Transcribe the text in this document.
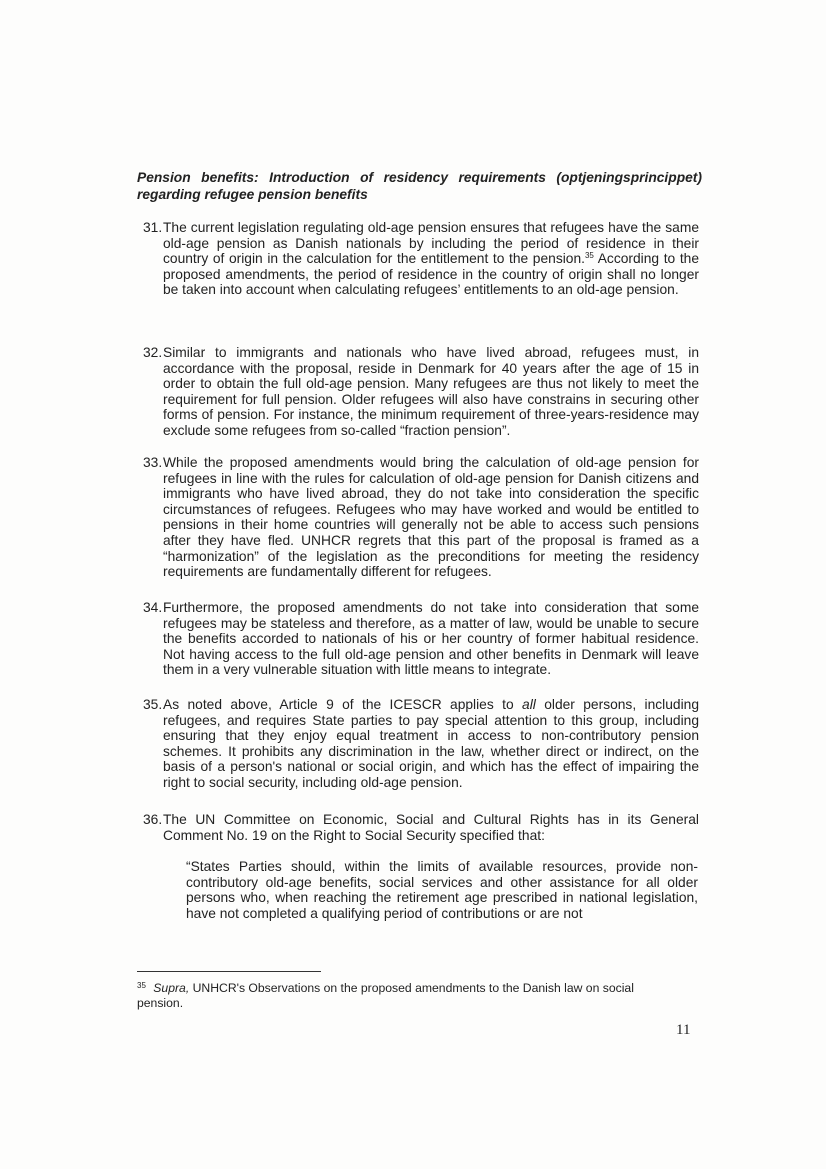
Pension benefits: Introduction of residency requirements (optjeningsprincippet) regarding refugee pension benefits

31. The current legislation regulating old-age pension ensures that refugees have the same old-age pension as Danish nationals by including the period of residence in their country of origin in the calculation for the entitlement to the pension.$^{35}$ According to the proposed amendments, the period of residence in the country of origin shall no longer be taken into account when calculating refugees’ entitlements to an old-age pension.

32. Similar to immigrants and nationals who have lived abroad, refugees must, in accordance with the proposal, reside in Denmark for 40 years after the age of 15 in order to obtain the full old-age pension. Many refugees are thus not likely to meet the requirement for full pension. Older refugees will also have constrains in securing other forms of pension. For instance, the minimum requirement of three-years-residence may exclude some refugees from so-called “fraction pension”.

33. While the proposed amendments would bring the calculation of old-age pension for refugees in line with the rules for calculation of old-age pension for Danish citizens and immigrants who have lived abroad, they do not take into consideration the specific circumstances of refugees. Refugees who may have worked and would be entitled to pensions in their home countries will generally not be able to access such pensions after they have fled. UNHCR regrets that this part of the proposal is framed as a “harmonization” of the legislation as the preconditions for meeting the residency requirements are fundamentally different for refugees.

34. Furthermore, the proposed amendments do not take into consideration that some refugees may be stateless and therefore, as a matter of law, would be unable to secure the benefits accorded to nationals of his or her country of former habitual residence. Not having access to the full old-age pension and other benefits in Denmark will leave them in a very vulnerable situation with little means to integrate.

35. As noted above, Article 9 of the ICESCR applies to all older persons, including refugees, and requires State parties to pay special attention to this group, including ensuring that they enjoy equal treatment in access to non-contributory pension schemes. It prohibits any discrimination in the law, whether direct or indirect, on the basis of a person's national or social origin, and which has the effect of impairing the right to social security, including old-age pension.

36. The UN Committee on Economic, Social and Cultural Rights has in its General Comment No. 19 on the Right to Social Security specified that:

“States Parties should, within the limits of available resources, provide non-contributory old-age benefits, social services and other assistance for all older persons who, when reaching the retirement age prescribed in national legislation, have not completed a qualifying period of contributions or are not

$^{35}$ Supra, UNHCR's Observations on the proposed amendments to the Danish law on social pension.

11
